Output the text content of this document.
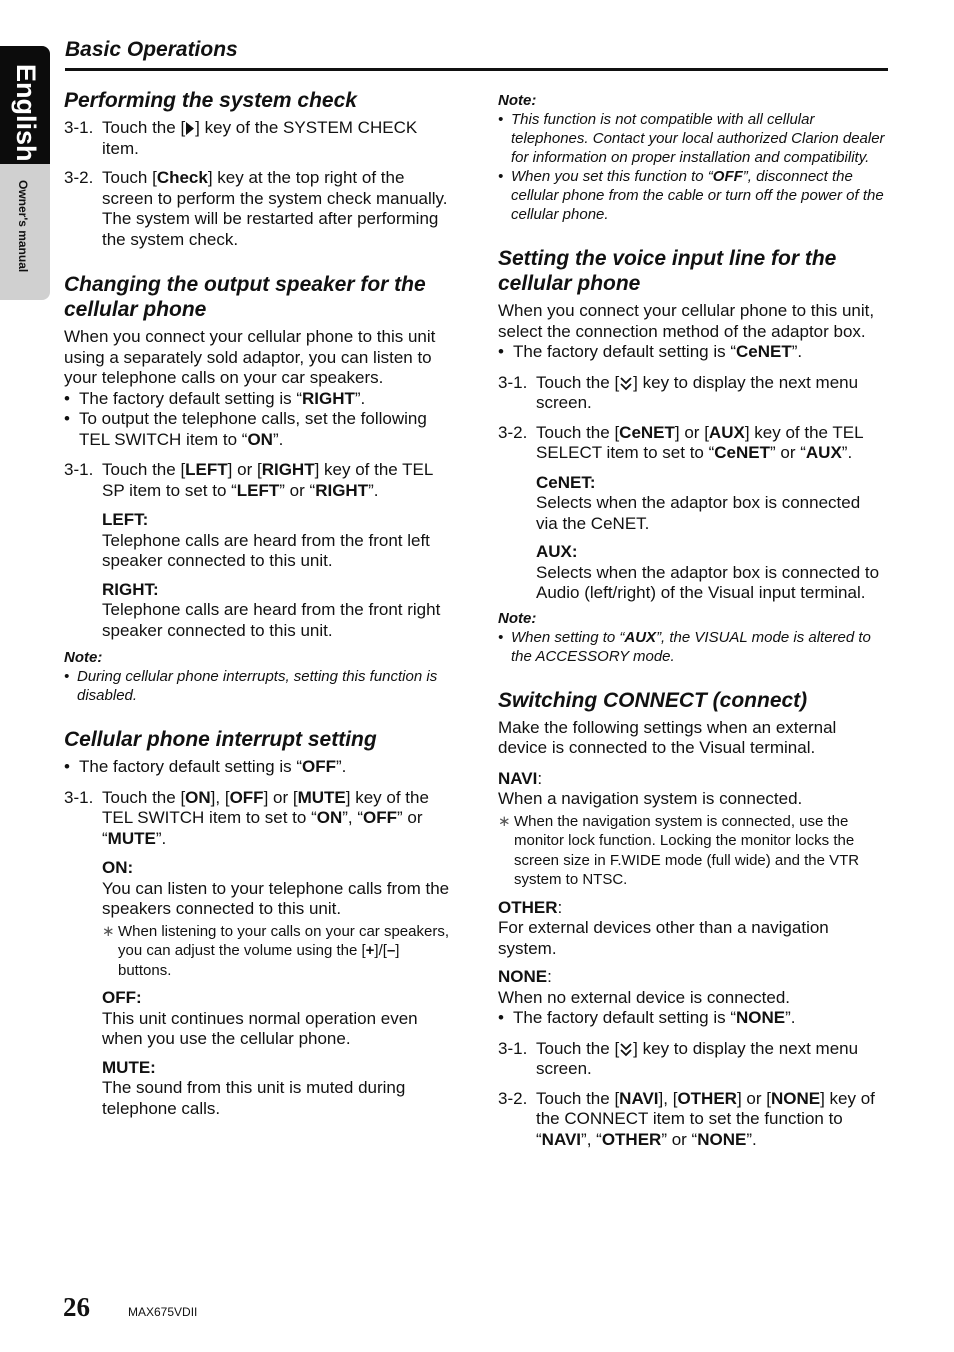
English
Owner's manual
Basic Operations
Performing the system check
3-1. Touch the [ ] key of the SYSTEM CHECK item.
3-2. Touch [Check] key at the top right of the screen to perform the system check manually.
The system will be restarted after performing the system check.
Changing the output speaker for the cellular phone

When you connect your cellular phone to this unit using a separately sold adaptor, you can listen to your telephone calls on your car speakers.

• The factory default setting is “RIGHT”.
• To output the telephone calls, set the following TEL SWITCH item to “ON”.
3-1. Touch the [LEFT] or [RIGHT] key of the TEL SP item to set to “LEFT” or “RIGHT”.
LEFT:

Telephone calls are heard from the front left speaker connected to this unit.

RIGHT:

Telephone calls are heard from the front right speaker connected to this unit.

Note:
• During cellular phone interrupts, setting this function is disabled.
Cellular phone interrupt setting
• The factory default setting is “OFF”.
3-1. Touch the [ON], [OFF] or [MUTE] key of the TEL SWITCH item to set to “ON”, “OFF” or “MUTE”.
ON:

You can listen to your telephone calls from the speakers connected to this unit.

∗ When listening to your calls on your car speakers, you can adjust the volume using the [+]/[–] buttons.
OFF:

This unit continues normal operation even when you use the cellular phone.

MUTE:

The sound from this unit is muted during telephone calls.

Note:
• This function is not compatible with all cellular telephones. Contact your local authorized Clarion dealer for information on proper installation and compatibility.
• When you set this function to “OFF”, disconnect the cellular phone from the cable or turn off the power of the cellular phone.
Setting the voice input line for the cellular phone

When you connect your cellular phone to this unit, select the connection method of the adaptor box.

• The factory default setting is “CeNET”.
3-1. Touch the [ ] key to display the next menu screen.
3-2. Touch the [CeNET] or [AUX] key of the TEL SELECT item to set to “CeNET” or “AUX”.
CeNET:

Selects when the adaptor box is connected via the CeNET.

AUX:

Selects when the adaptor box is connected to Audio (left/right) of the Visual input terminal.

Note:
• When setting to “AUX”, the VISUAL mode is altered to the ACCESSORY mode.
Switching CONNECT (connect)

Make the following settings when an external device is connected to the Visual terminal.

NAVI:

When a navigation system is connected.

∗ When the navigation system is connected, use the monitor lock function. Locking the monitor locks the screen size in F.WIDE mode (full wide) and the VTR system to NTSC.
OTHER:

For external devices other than a navigation system.

NONE:

When no external device is connected.

• The factory default setting is “NONE”.
3-1. Touch the [ ] key to display the next menu screen.
3-2. Touch the [NAVI], [OTHER] or [NONE] key of the CONNECT item to set the function to “NAVI”, “OTHER” or “NONE”.
26	MAX675VDII
